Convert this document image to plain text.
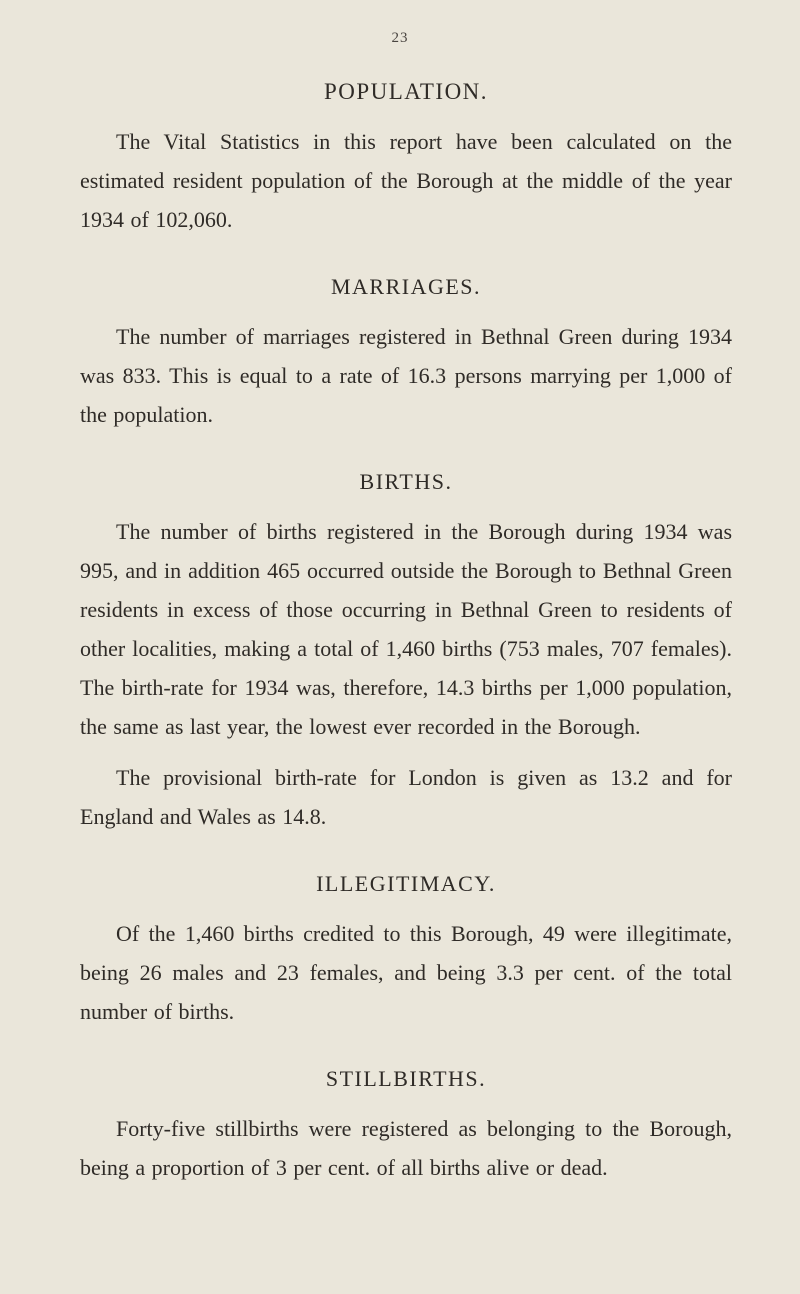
23
POPULATION.

The Vital Statistics in this report have been calculated on the estimated resident population of the Borough at the middle of the year 1934 of 102,060.

MARRIAGES.

The number of marriages registered in Bethnal Green during 1934 was 833. This is equal to a rate of 16.3 persons marrying per 1,000 of the population.

BIRTHS.

The number of births registered in the Borough during 1934 was 995, and in addition 465 occurred outside the Borough to Bethnal Green residents in excess of those occurring in Bethnal Green to residents of other localities, making a total of 1,460 births (753 males, 707 females). The birth-rate for 1934 was, therefore, 14.3 births per 1,000 population, the same as last year, the lowest ever recorded in the Borough.

The provisional birth-rate for London is given as 13.2 and for England and Wales as 14.8.

ILLEGITIMACY.

Of the 1,460 births credited to this Borough, 49 were illegitimate, being 26 males and 23 females, and being 3.3 per cent. of the total number of births.

STILLBIRTHS.

Forty-five stillbirths were registered as belonging to the Borough, being a proportion of 3 per cent. of all births alive or dead.
